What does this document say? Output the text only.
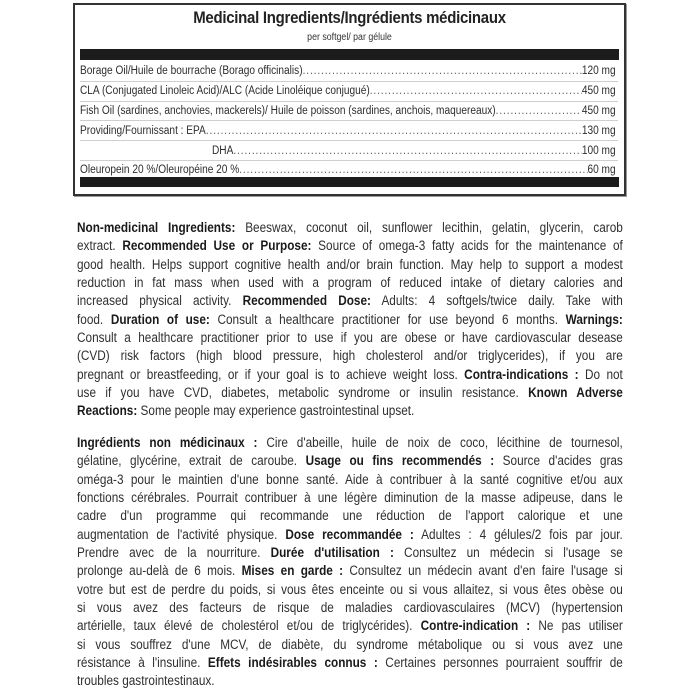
Medicinal Ingredients/Ingrédients médicinaux
per softgel/ par gélule
Borage Oil/Huile de bourrache (Borago officinalis) .....	120 mg
CLA (Conjugated Linoleic Acid)/ALC (Acide Linoléique conjugué) .....	450 mg
Fish Oil (sardines, anchovies, mackerels)/ Huile de poisson (sardines, anchois, maquereaux) .....	450 mg
Providing/Fournissant : EPA .....	130 mg
DHA .....	100 mg
Oleuropein 20 %/Oleuropéine 20 % .....	60 mg
Non-medicinal Ingredients: Beeswax, coconut oil, sunflower lecithin, gelatin, glycerin, carob
extract. Recommended Use or Purpose: Source of omega-3 fatty acids for the maintenance of
good health. Helps support cognitive health and/or brain function. May help to support a modest
reduction in fat mass when used with a program of reduced intake of dietary calories and
increased physical activity. Recommended Dose: Adults: 4 softgels/twice daily. Take with
food. Duration of use: Consult a healthcare practitioner for use beyond 6 months. Warnings:
Consult a healthcare practitioner prior to use if you are obese or have cardiovascular desease
(CVD) risk factors (high blood pressure, high cholesterol and/or triglycerides), if you are
pregnant or breastfeeding, or if your goal is to achieve weight loss. Contra-indications : Do not
use if you have CVD, diabetes, metabolic syndrome or insulin resistance. Known Adverse
Reactions: Some people may experience gastrointestinal upset.
Ingrédients non médicinaux : Cire d'abeille, huile de noix de coco, lécithine de tournesol,
gélatine, glycérine, extrait de caroube. Usage ou fins recommendés : Source d'acides gras
oméga-3 pour le maintien d'une bonne santé. Aide à contribuer à la santé cognitive et/ou aux
fonctions cérébrales. Pourrait contribuer à une légère diminution de la masse adipeuse, dans le
cadre d'un programme qui recommande une réduction de l'apport calorique et une
augmentation de l'activité physique. Dose recommandée : Adultes : 4 gélules/2 fois par jour.
Prendre avec de la nourriture. Durée d'utilisation : Consultez un médecin si l'usage se
prolonge au-delà de 6 mois. Mises en garde : Consultez un médecin avant d'en faire l'usage si
votre but est de perdre du poids, si vous êtes enceinte ou si vous allaitez, si vous êtes obèse ou
si vous avez des facteurs de risque de maladies cardiovasculaires (MCV) (hypertension
artérielle, taux élevé de cholestérol et/ou de triglycérides). Contre-indication : Ne pas utiliser
si vous souffrez d'une MCV, de diabète, du syndrome métabolique ou si vous avez une
résistance à l'insuline. Effets indésirables connus : Certaines personnes pourraient souffrir de
troubles gastrointestinaux.
